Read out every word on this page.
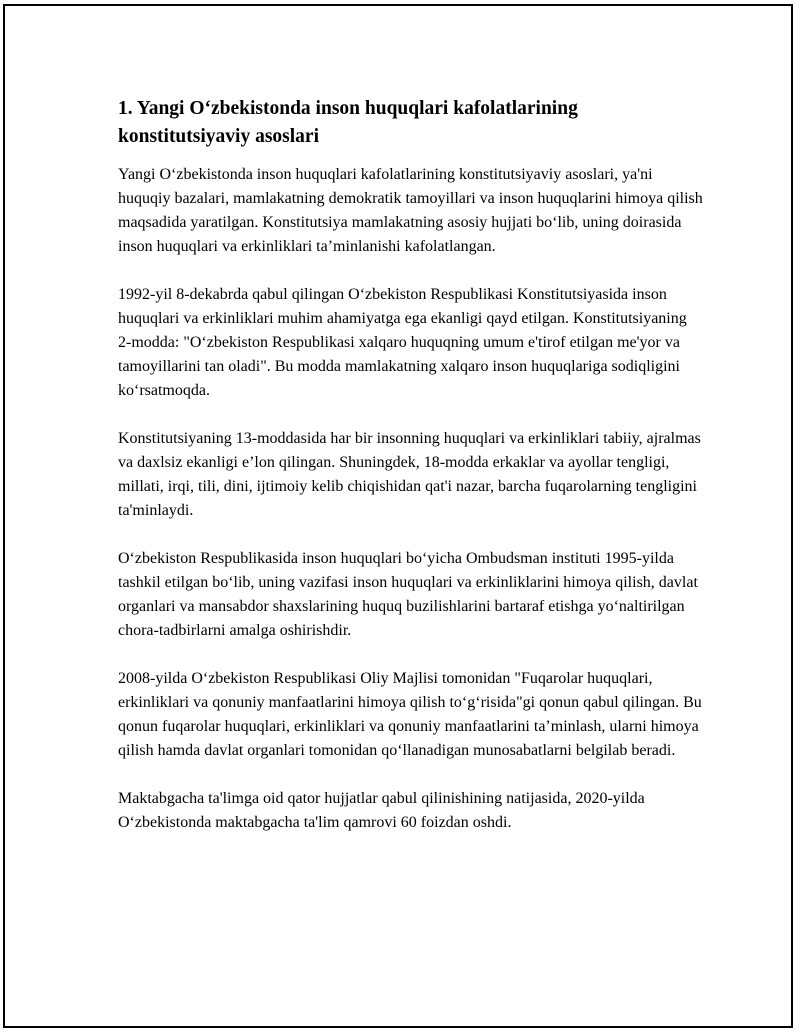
1. Yangi O‘zbekistonda inson huquqlari kafolatlarining konstitutsiyaviy asoslari

Yangi O‘zbekistonda inson huquqlari kafolatlarining konstitutsiyaviy asoslari, ya'ni huquqiy bazalari, mamlakatning demokratik tamoyillari va inson huquqlarini himoya qilish maqsadida yaratilgan. Konstitutsiya mamlakatning asosiy hujjati bo‘lib, uning doirasida inson huquqlari va erkinliklari ta’minlanishi kafolatlangan.

1992-yil 8-dekabrda qabul qilingan O‘zbekiston Respublikasi Konstitutsiyasida inson huquqlari va erkinliklari muhim ahamiyatga ega ekanligi qayd etilgan. Konstitutsiyaning 2-modda: "O‘zbekiston Respublikasi xalqaro huquqning umum e'tirof etilgan me'yor va tamoyillarini tan oladi". Bu modda mamlakatning xalqaro inson huquqlariga sodiqligini ko‘rsatmoqda.

Konstitutsiyaning 13-moddasida har bir insonning huquqlari va erkinliklari tabiiy, ajralmas va daxlsiz ekanligi e’lon qilingan. Shuningdek, 18-modda erkaklar va ayollar tengligi, millati, irqi, tili, dini, ijtimoiy kelib chiqishidan qat'i nazar, barcha fuqarolarning tengligini ta'minlaydi.

O‘zbekiston Respublikasida inson huquqlari bo‘yicha Ombudsman instituti 1995-yilda tashkil etilgan bo‘lib, uning vazifasi inson huquqlari va erkinliklarini himoya qilish, davlat organlari va mansabdor shaxslarining huquq buzilishlarini bartaraf etishga yo‘naltirilgan chora-tadbirlarni amalga oshirishdir.

2008-yilda O‘zbekiston Respublikasi Oliy Majlisi tomonidan "Fuqarolar huquqlari, erkinliklari va qonuniy manfaatlarini himoya qilish to‘g‘risida"gi qonun qabul qilingan. Bu qonun fuqarolar huquqlari, erkinliklari va qonuniy manfaatlarini ta’minlash, ularni himoya qilish hamda davlat organlari tomonidan qo‘llanadigan munosabatlarni belgilab beradi.

Maktabgacha ta'limga oid qator hujjatlar qabul qilinishining natijasida, 2020-yilda O‘zbekistonda maktabgacha ta'lim qamrovi 60 foizdan oshdi.
